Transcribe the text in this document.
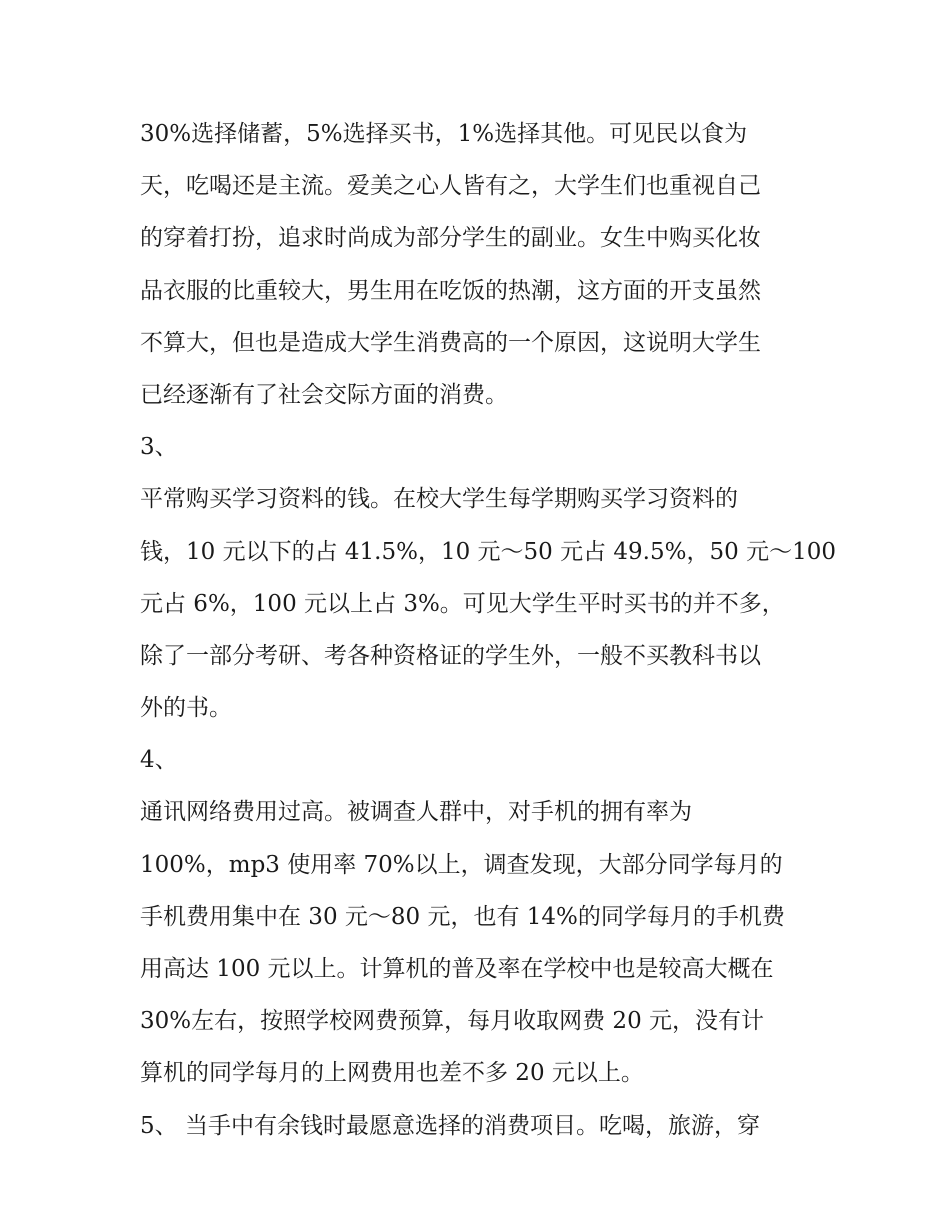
30%选择储蓄，5%选择买书，1%选择其他。可见民以食为
天，吃喝还是主流。爱美之心人皆有之，大学生们也重视自己
的穿着打扮，追求时尚成为部分学生的副业。女生中购买化妆
品衣服的比重较大，男生用在吃饭的热潮，这方面的开支虽然
不算大，但也是造成大学生消费高的一个原因，这说明大学生
已经逐渐有了社会交际方面的消费。
3、
平常购买学习资料的钱。在校大学生每学期购买学习资料的
钱，10 元以下的占 41.5%，10 元～50 元占 49.5%，50 元～100
元占 6%，100 元以上占 3%。可见大学生平时买书的并不多，
除了一部分考研、考各种资格证的学生外，一般不买教科书以
外的书。
4、
通讯网络费用过高。被调查人群中，对手机的拥有率为
100%，mp3 使用率 70%以上，调查发现，大部分同学每月的
手机费用集中在 30 元～80 元，也有 14%的同学每月的手机费
用高达 100 元以上。计算机的普及率在学校中也是较高大概在
30%左右，按照学校网费预算，每月收取网费 20 元，没有计
算机的同学每月的上网费用也差不多 20 元以上。
5、 当手中有余钱时最愿意选择的消费项目。吃喝，旅游，穿
